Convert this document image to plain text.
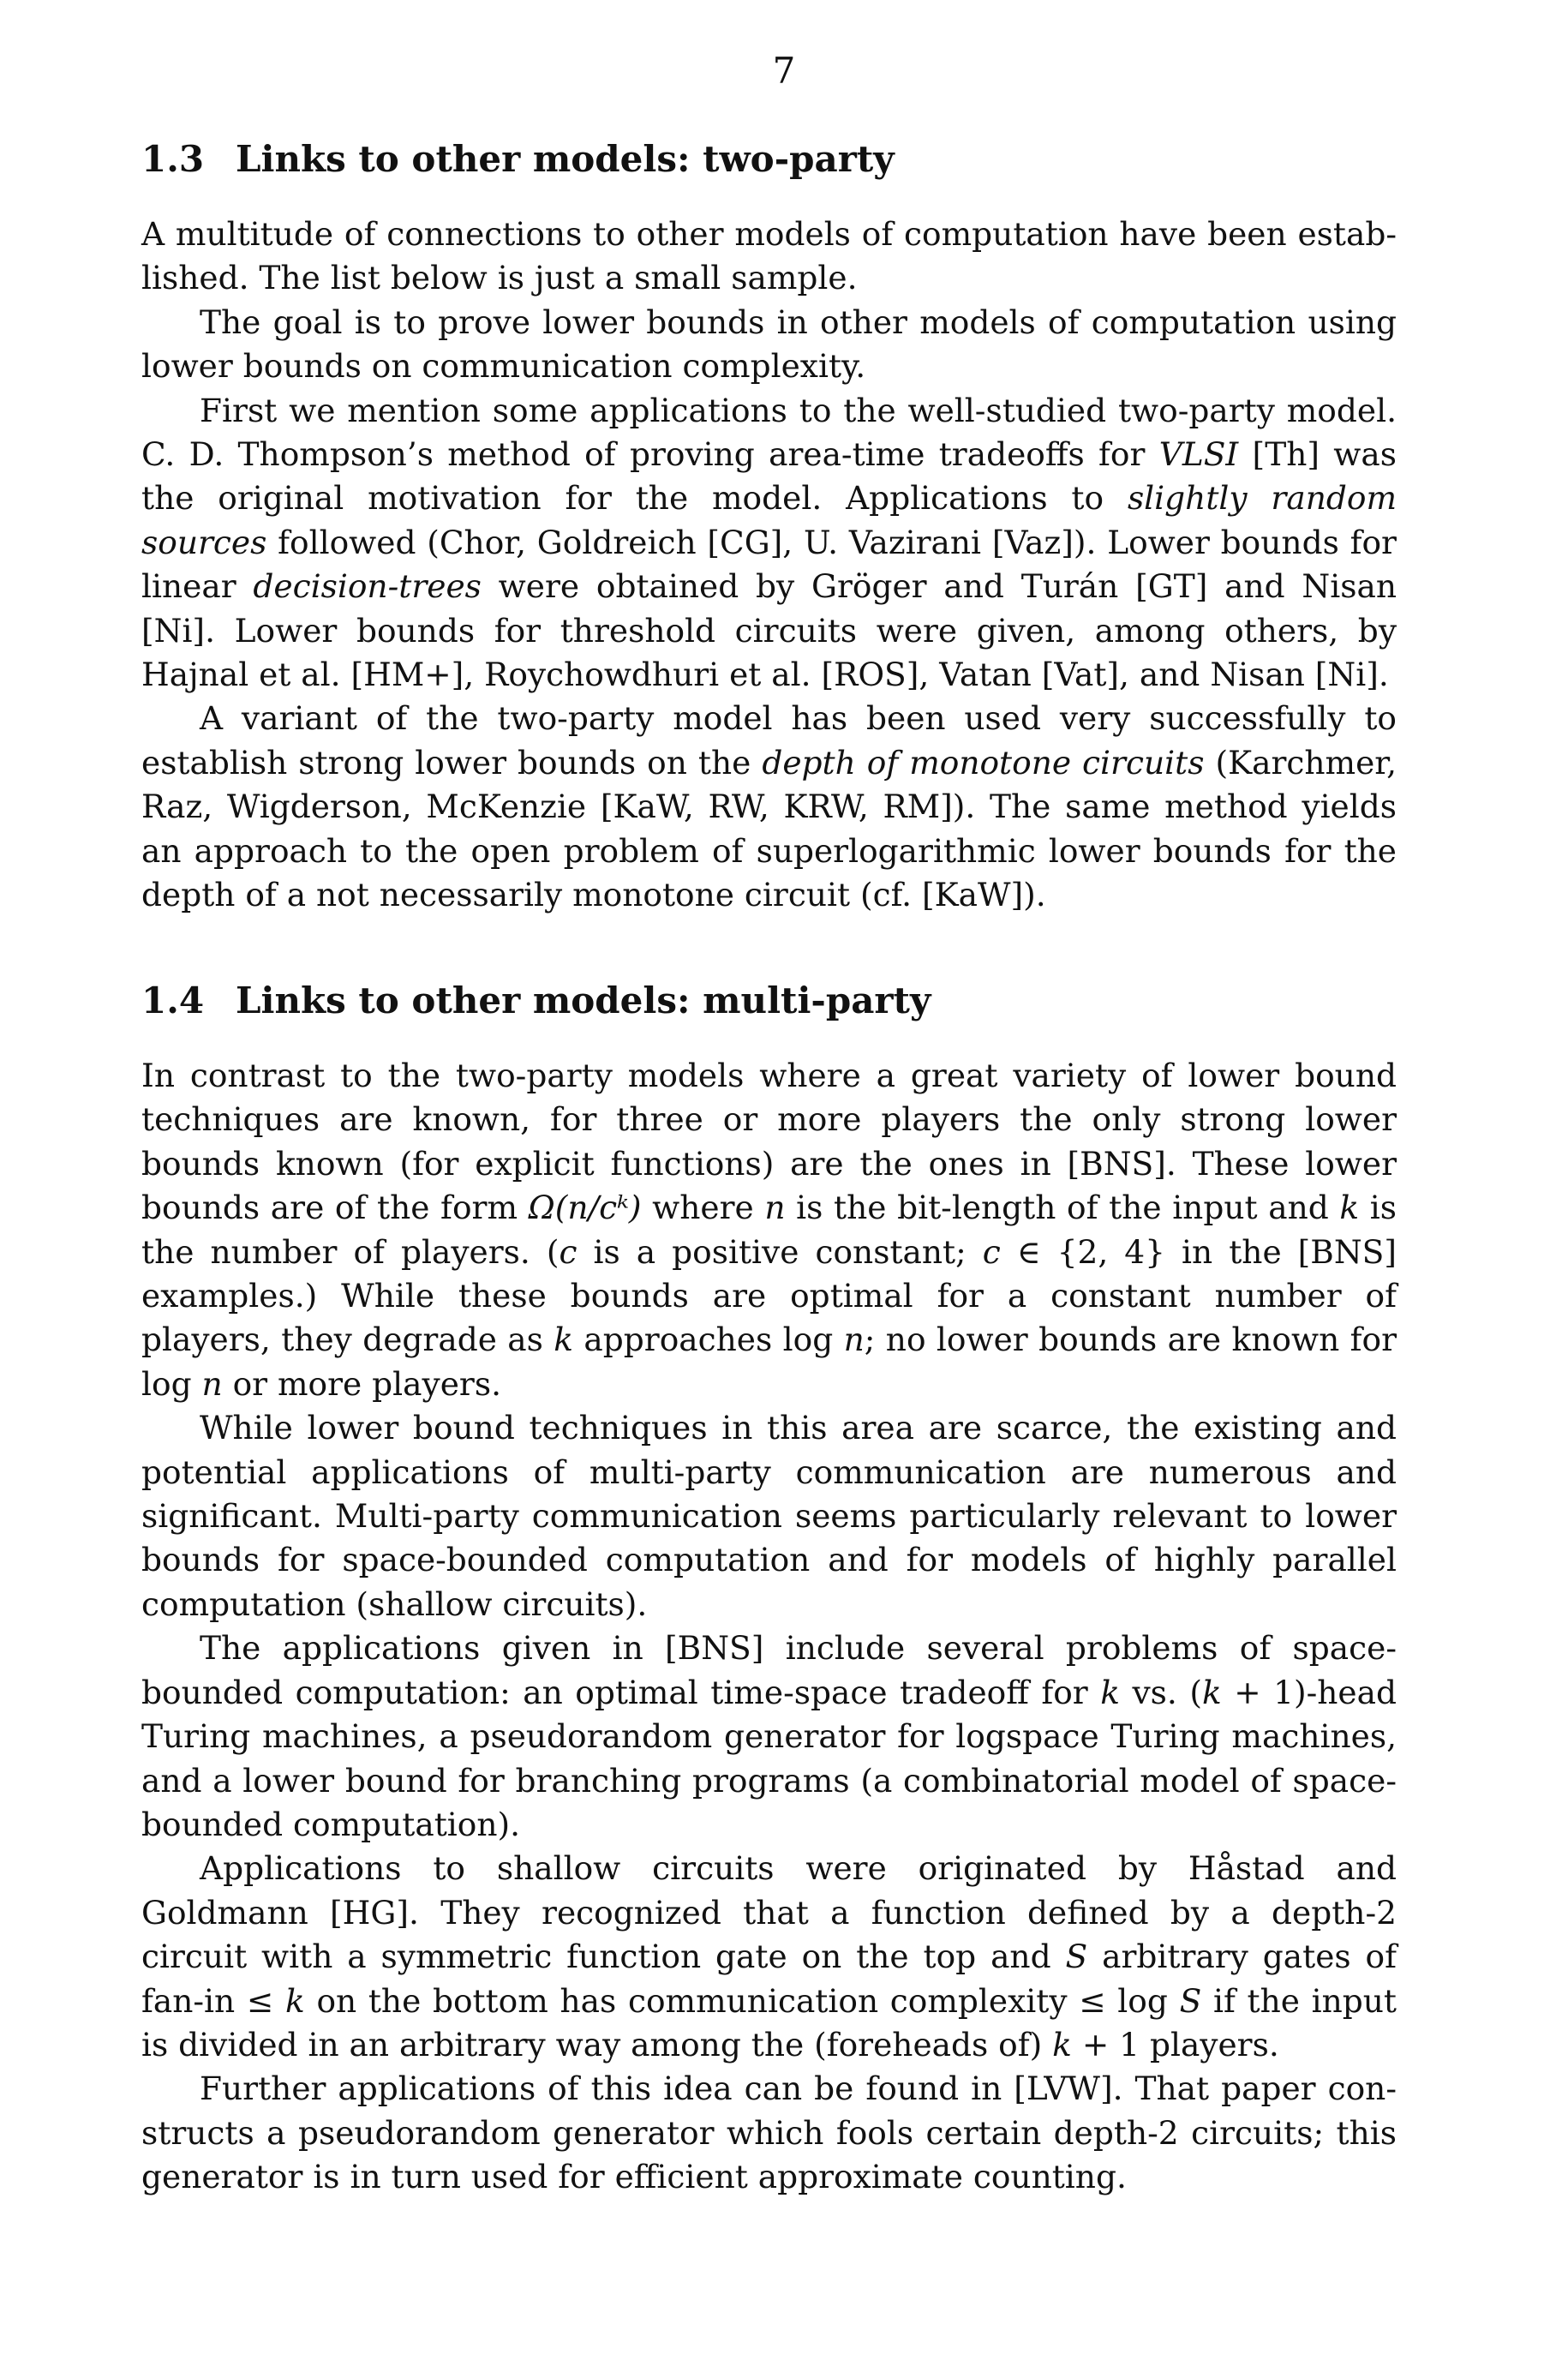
7
1.3 Links to other models: two-party

A multitude of connections to other models of computation have been established. The list below is just a small sample.

The goal is to prove lower bounds in other models of computation using lower bounds on communication complexity.

First we mention some applications to the well-studied two-party model. C. D. Thompson’s method of proving area-time tradeoffs for VLSI [Th] was the original motivation for the model. Applications to slightly random sources followed (Chor, Goldreich [CG], U. Vazirani [Vaz]). Lower bounds for linear decision-trees were obtained by Gröger and Turán [GT] and Nisan [Ni]. Lower bounds for threshold circuits were given, among others, by Hajnal et al. [HM+], Roychowdhuri et al. [ROS], Vatan [Vat], and Nisan [Ni].

A variant of the two-party model has been used very successfully to establish strong lower bounds on the depth of monotone circuits (Karchmer, Raz, Wigderson, McKenzie [KaW, RW, KRW, RM]). The same method yields an approach to the open problem of superlogarithmic lower bounds for the depth of a not necessarily monotone circuit (cf. [KaW]).

1.4 Links to other models: multi-party

In contrast to the two-party models where a great variety of lower bound techniques are known, for three or more players the only strong lower bounds known (for explicit functions) are the ones in [BNS]. These lower bounds are of the form Ω(n/cᵏ) where n is the bit-length of the input and k is the number of players. (c is a positive constant; c ∈ {2, 4} in the [BNS] examples.) While these bounds are optimal for a constant number of players, they degrade as k approaches log n; no lower bounds are known for log n or more players.

While lower bound techniques in this area are scarce, the existing and potential applications of multi-party communication are numerous and significant. Multi-party communication seems particularly relevant to lower bounds for space-bounded computation and for models of highly parallel computation (shallow circuits).

The applications given in [BNS] include several problems of space-bounded computation: an optimal time-space tradeoff for k vs. (k + 1)-head Turing machines, a pseudorandom generator for logspace Turing machines, and a lower bound for branching programs (a combinatorial model of space-bounded computation).

Applications to shallow circuits were originated by Håstad and Goldmann [HG]. They recognized that a function defined by a depth-2 circuit with a symmetric function gate on the top and S arbitrary gates of fan-in ≤ k on the bottom has communication complexity ≤ log S if the input is divided in an arbitrary way among the (foreheads of) k + 1 players.

Further applications of this idea can be found in [LVW]. That paper constructs a pseudorandom generator which fools certain depth-2 circuits; this generator is in turn used for efficient approximate counting.
